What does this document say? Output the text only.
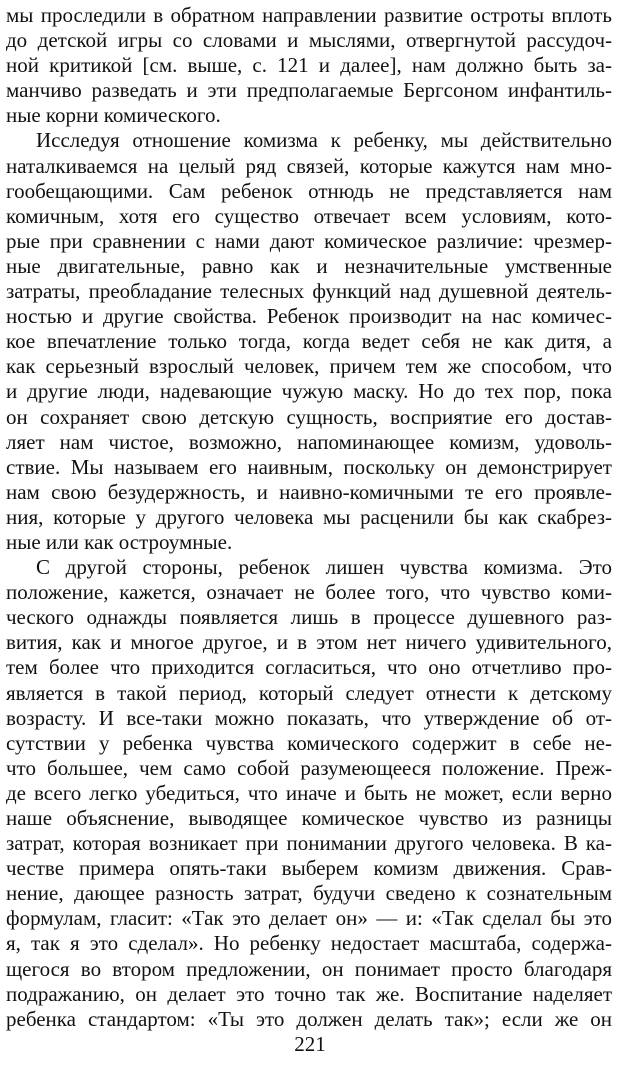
мы проследили в обратном направлении развитие остроты вплоть
до детской игры со словами и мыслями, отвергнутой рассудоч-
ной критикой [см. выше, с. 121 и далее], нам должно быть за-
манчиво разведать и эти предполагаемые Бергсоном инфантиль-
ные корни комического.
Исследуя отношение комизма к ребенку, мы действительно
наталкиваемся на целый ряд связей, которые кажутся нам мно-
гообещающими. Сам ребенок отнюдь не представляется нам
комичным, хотя его существо отвечает всем условиям, кото-
рые при сравнении с нами дают комическое различие: чрезмер-
ные двигательные, равно как и незначительные умственные
затраты, преобладание телесных функций над душевной деятель-
ностью и другие свойства. Ребенок производит на нас комичес-
кое впечатление только тогда, когда ведет себя не как дитя, а
как серьезный взрослый человек, причем тем же способом, что
и другие люди, надевающие чужую маску. Но до тех пор, пока
он сохраняет свою детскую сущность, восприятие его достав-
ляет нам чистое, возможно, напоминающее комизм, удоволь-
ствие. Мы называем его наивным, поскольку он демонстрирует
нам свою безудержность, и наивно-комичными те его проявле-
ния, которые у другого человека мы расценили бы как скабрез-
ные или как остроумные.
С другой стороны, ребенок лишен чувства комизма. Это
положение, кажется, означает не более того, что чувство коми-
ческого однажды появляется лишь в процессе душевного раз-
вития, как и многое другое, и в этом нет ничего удивительного,
тем более что приходится согласиться, что оно отчетливо про-
является в такой период, который следует отнести к детскому
возрасту. И все-таки можно показать, что утверждение об от-
сутствии у ребенка чувства комического содержит в себе не-
что большее, чем само собой разумеющееся положение. Преж-
де всего легко убедиться, что иначе и быть не может, если верно
наше объяснение, выводящее комическое чувство из разницы
затрат, которая возникает при понимании другого человека. В ка-
честве примера опять-таки выберем комизм движения. Срав-
нение, дающее разность затрат, будучи сведено к сознательным
формулам, гласит: «Так это делает он» — и: «Так сделал бы это
я, так я это сделал». Но ребенку недостает масштаба, содержа-
щегося во втором предложении, он понимает просто благодаря
подражанию, он делает это точно так же. Воспитание наделяет
ребенка стандартом: «Ты это должен делать так»; если же он
221
